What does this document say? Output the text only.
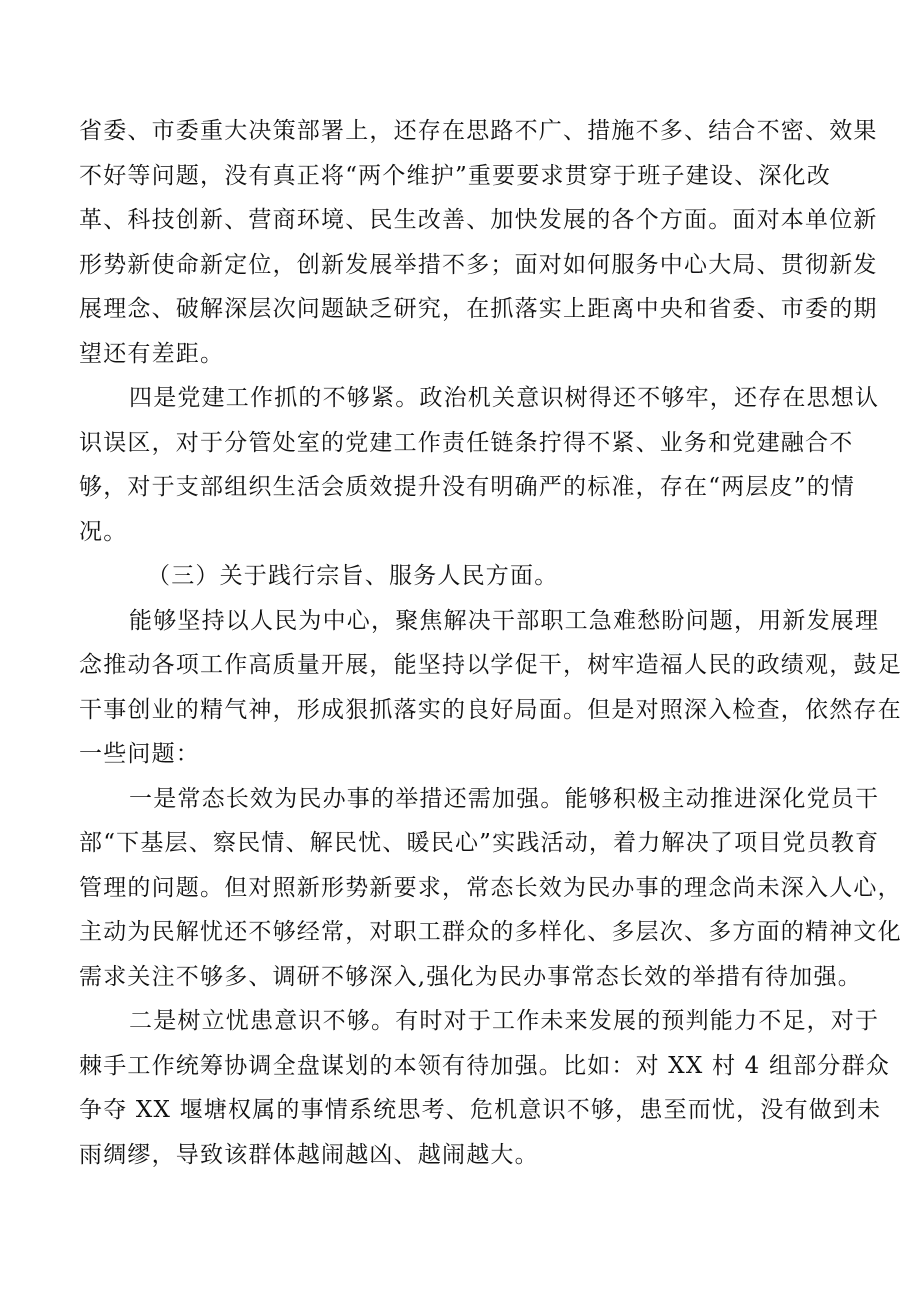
省委、市委重大决策部署上，还存在思路不广、措施不多、结合不密、效果
不好等问题，没有真正将“两个维护”重要要求贯穿于班子建设、深化改
革、科技创新、营商环境、民生改善、加快发展的各个方面。面对本单位新
形势新使命新定位，创新发展举措不多；面对如何服务中心大局、贯彻新发
展理念、破解深层次问题缺乏研究，在抓落实上距离中央和省委、市委的期
望还有差距。
四是党建工作抓的不够紧。政治机关意识树得还不够牢，还存在思想认
识误区，对于分管处室的党建工作责任链条拧得不紧、业务和党建融合不
够，对于支部组织生活会质效提升没有明确严的标准，存在“两层皮”的情
况。
（三）关于践行宗旨、服务人民方面。
能够坚持以人民为中心，聚焦解决干部职工急难愁盼问题，用新发展理
念推动各项工作高质量开展，能坚持以学促干，树牢造福人民的政绩观，鼓足
干事创业的精气神，形成狠抓落实的良好局面。但是对照深入检查，依然存在
一些问题：
一是常态长效为民办事的举措还需加强。能够积极主动推进深化党员干
部“下基层、察民情、解民忧、暖民心”实践活动，着力解决了项目党员教育
管理的问题。但对照新形势新要求，常态长效为民办事的理念尚未深入人心，
主动为民解忧还不够经常，对职工群众的多样化、多层次、多方面的精神文化
需求关注不够多、调研不够深入,强化为民办事常态长效的举措有待加强。
二是树立忧患意识不够。有时对于工作未来发展的预判能力不足，对于
棘手工作统筹协调全盘谋划的本领有待加强。比如：对 XX 村 4 组部分群众
争夺 XX 堰塘权属的事情系统思考、危机意识不够，患至而忧，没有做到未
雨绸缪，导致该群体越闹越凶、越闹越大。
